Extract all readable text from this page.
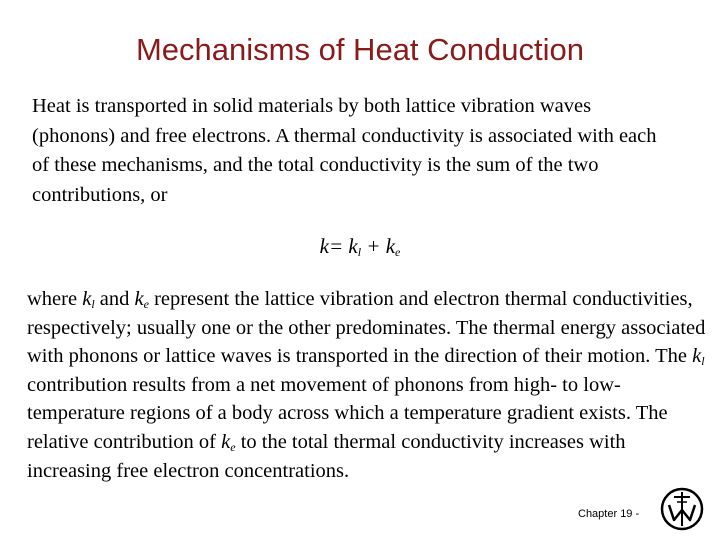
Mechanisms of Heat Conduction

Heat is transported in solid materials by both lattice vibration waves (phonons) and free electrons. A thermal conductivity is associated with each of these mechanisms, and the total conductivity is the sum of the two contributions, or

$k= k_l + k_e$

where $k_l$ and $k_e$ represent the lattice vibration and electron thermal conductivities, respectively; usually one or the other predominates. The thermal energy associated with phonons or lattice waves is transported in the direction of their motion. The $k_l$ contribution results from a net movement of phonons from high- to low-temperature regions of a body across which a temperature gradient exists. The relative contribution of $k_e$ to the total thermal conductivity increases with increasing free electron concentrations.

Chapter 19 -
